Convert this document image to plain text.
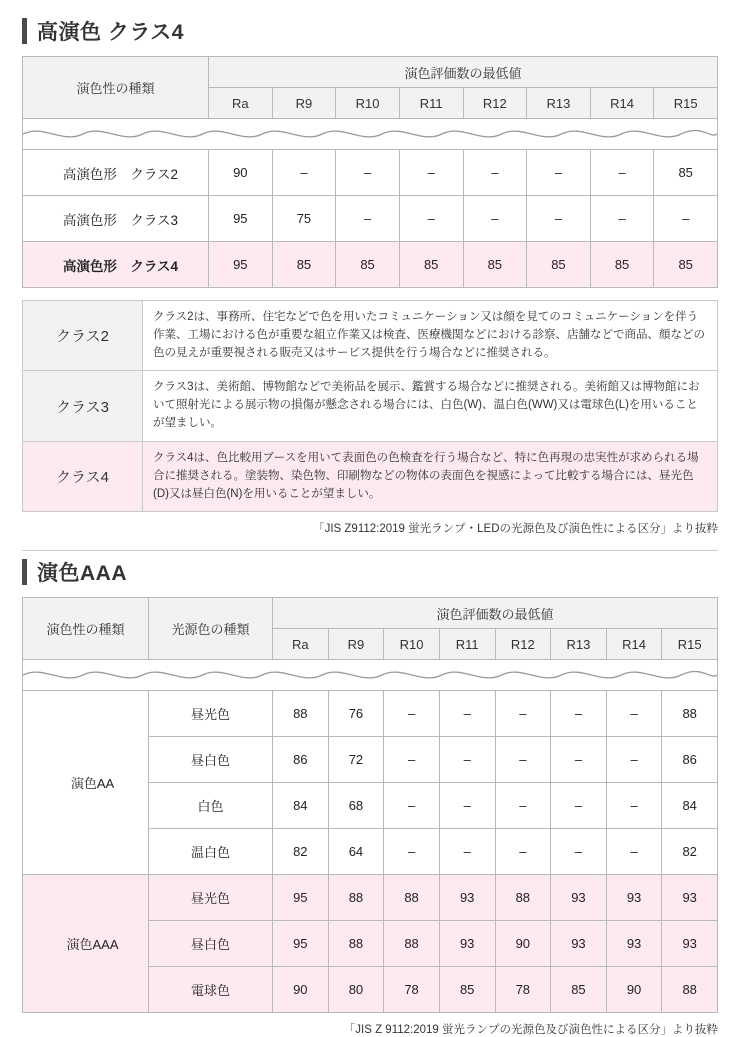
高演色 クラス4
演色性の種類	演色評価数の最低値							
	Ra	R9	R10	R11	R12	R13	R14	R15

高演色形　クラス2	90	–	–	–	–	–	–	85
高演色形　クラス3	95	75	–	–	–	–	–	–
高演色形　クラス4	95	85	85	85	85	85	85	85
クラス2	クラス2は、事務所、住宅などで色を用いたコミュニケーション又は顔を見てのコミュニケーションを伴う作業、工場における色が重要な組立作業又は検査、医療機関などにおける診察、店舗などで商品、顔などの色の見えが重要視される販売又はサービス提供を行う場合などに推奨される。
クラス3	クラス3は、美術館、博物館などで美術品を展示、鑑賞する場合などに推奨される。美術館又は博物館において照射光による展示物の損傷が懸念される場合には、白色(W)、温白色(WW)又は電球色(L)を用いることが望ましい。
クラス4	クラス4は、色比較用ブースを用いて表面色の色検査を行う場合など、特に色再現の忠実性が求められる場合に推奨される。塗装物、染色物、印刷物などの物体の表面色を視感によって比較する場合には、昼光色(D)又は昼白色(N)を用いることが望ましい。
「JIS Z9112:2019 蛍光ランプ・LEDの光源色及び演色性による区分」より抜粋
演色AAA
演色性の種類	光源色の種類	演色評価数の最低値							
		Ra	R9	R10	R11	R12	R13	R14	R15

演色AA	昼光色	88	76	–	–	–	–	–	88
	昼白色	86	72	–	–	–	–	–	86
	白色	84	68	–	–	–	–	–	84
	温白色	82	64	–	–	–	–	–	82
演色AAA	昼光色	95	88	88	93	88	93	93	93
	昼白色	95	88	88	93	90	93	93	93
	電球色	90	80	78	85	78	85	90	88
「JIS Z 9112:2019 蛍光ランプの光源色及び演色性による区分」より抜粋
